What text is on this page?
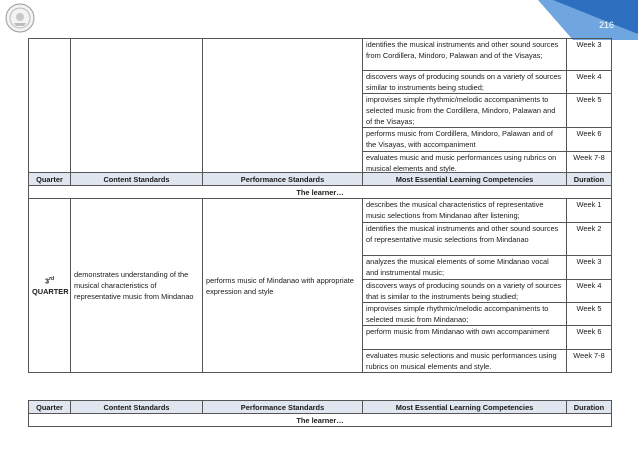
216
			identifies the musical instruments and other sound sources from Cordillera, Mindoro, Palawan and of the Visayas;	Week 3
			discovers ways of producing sounds on a variety of sources similar to instruments being studied;	Week 4
			improvises simple rhythmic/melodic accompaniments to selected music from the Cordillera, Mindoro, Palawan and of the Visayas;	Week 5
			performs music from Cordillera, Mindoro, Palawan and of the Visayas, with accompaniment	Week 6
			evaluates music and music performances using rubrics on musical elements and style.	Week 7-8
Quarter	Content Standards	Performance Standards	Most Essential Learning Competencies	Duration
The learner…				
3rd
QUARTER	demonstrates understanding of the musical characteristics of representative music from Mindanao	performs music of Mindanao with appropriate expression and style	describes the musical characteristics of representative music selections from Mindanao after listening;	Week 1
			identifies the musical instruments and other sound sources of representative music selections from Mindanao	Week 2
			analyzes the musical elements of some Mindanao vocal and instrumental music;	Week 3
			discovers ways of producing sounds on a variety of sources that is similar to the instruments being studied;	Week 4
			improvises simple rhythmic/melodic accompaniments to selected music from Mindanao;	Week 5
			perform music from Mindanao with own accompaniment	Week 6
			evaluates music selections and music performances using rubrics on musical elements and style.	Week 7-8
Quarter	Content Standards	Performance Standards	Most Essential Learning Competencies	Duration
The learner…
